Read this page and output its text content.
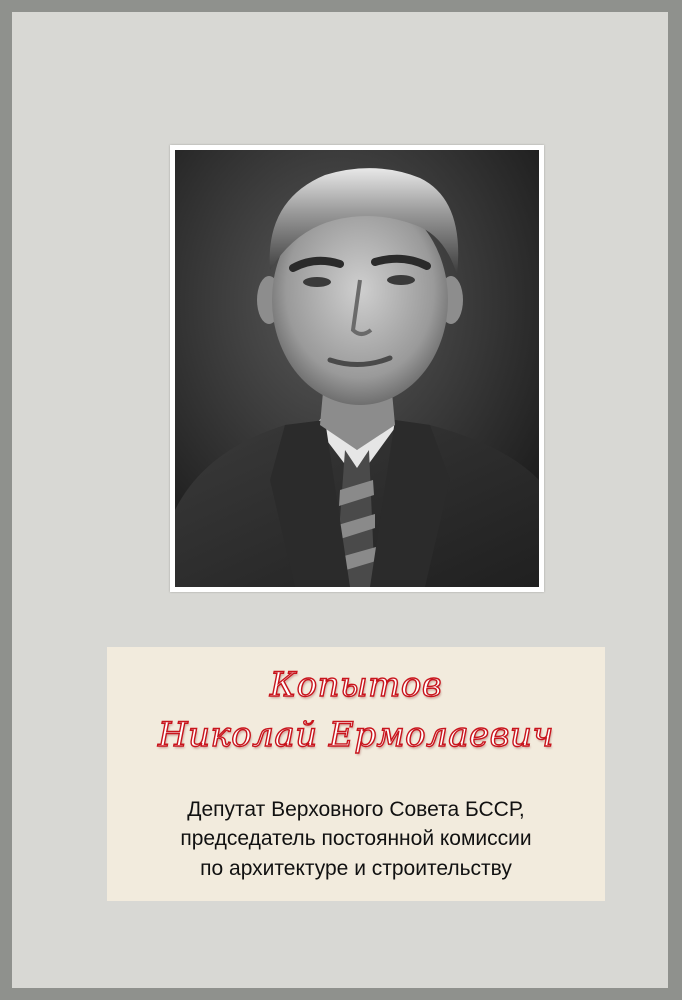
Копытов
Николай Ермолаевич
Депутат Верховного Совета БССР,
председатель постоянной комиссии
по архитектуре и строительству
